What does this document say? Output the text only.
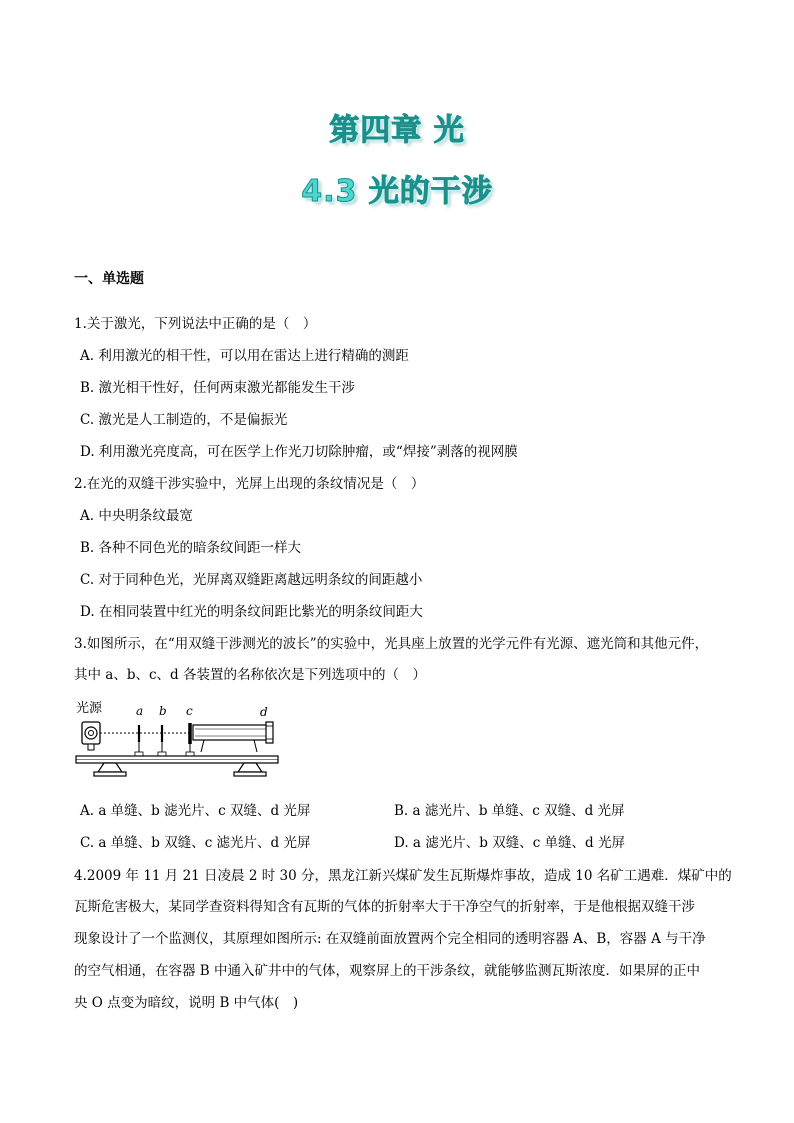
第四章 光
4.3 光的干涉
一、单选题
1.关于激光，下列说法中正确的是（　）
A. 利用激光的相干性，可以用在雷达上进行精确的测距
B. 激光相干性好，任何两束激光都能发生干涉
C. 激光是人工制造的，不是偏振光
D. 利用激光亮度高，可在医学上作光刀切除肿瘤，或“焊接”剥落的视网膜
2.在光的双缝干涉实验中，光屏上出现的条纹情况是（　）
A. 中央明条纹最宽
B. 各种不同色光的暗条纹间距一样大
C. 对于同种色光，光屏离双缝距离越远明条纹的间距越小
D. 在相同装置中红光的明条纹间距比紫光的明条纹间距大
3.如图所示，在“用双缝干涉测光的波长”的实验中，光具座上放置的光学元件有光源、遮光筒和其他元件，
其中 a、b、c、d 各装置的名称依次是下列选项中的（　）
光源	a b c	d
A. a 单缝、b 滤光片、c 双缝、d 光屏	B. a 滤光片、b 单缝、c 双缝、d 光屏
C. a 单缝、b 双缝、c 滤光片、d 光屏	D. a 滤光片、b 双缝、c 单缝、d 光屏
4.2009 年 11 月 21 日凌晨 2 时 30 分，黑龙江新兴煤矿发生瓦斯爆炸事故，造成 10 名矿工遇难．煤矿中的
瓦斯危害极大，某同学查资料得知含有瓦斯的气体的折射率大于干净空气的折射率，于是他根据双缝干涉
现象设计了一个监测仪，其原理如图所示: 在双缝前面放置两个完全相同的透明容器 A、B，容器 A 与干净
的空气相通，在容器 B 中通入矿井中的气体，观察屏上的干涉条纹，就能够监测瓦斯浓度．如果屏的正中
央 O 点变为暗纹，说明 B 中气体(　)
